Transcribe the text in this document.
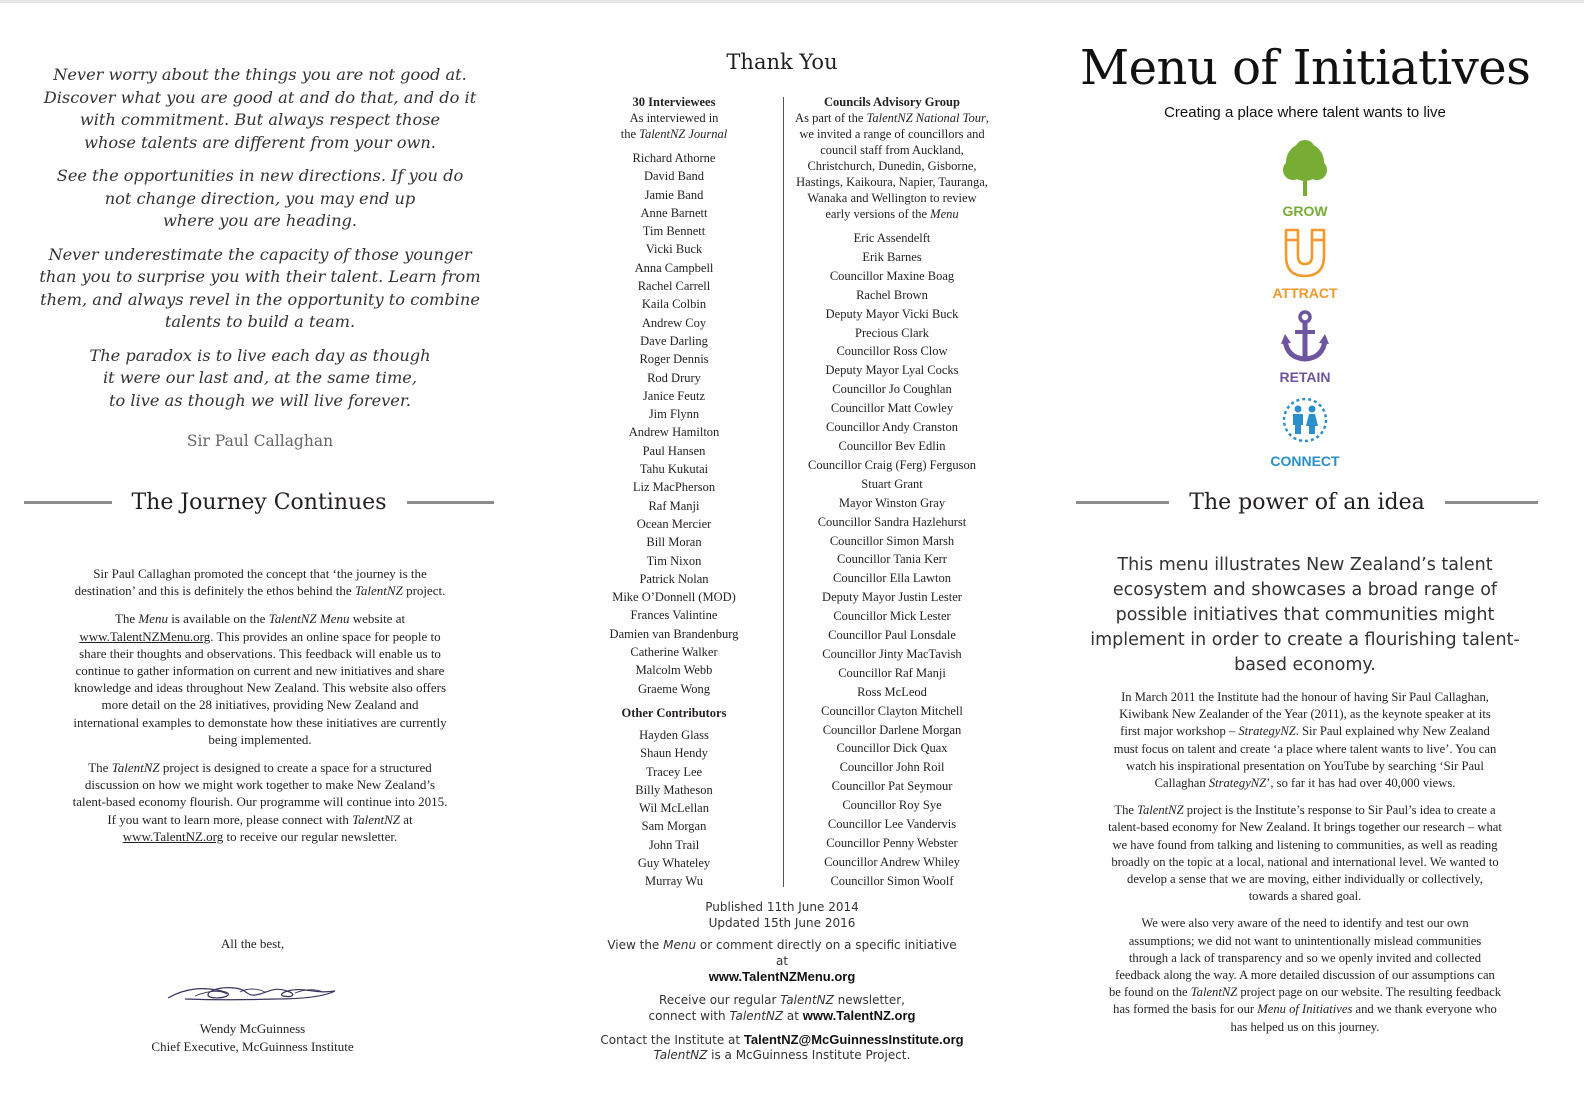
Never worry about the things you are not good at.
Discover what you are good at and do that, and do it
with commitment. But always respect those
whose talents are different from your own.

See the opportunities in new directions. If you do
not change direction, you may end up
where you are heading.

Never underestimate the capacity of those younger
than you to surprise you with their talent. Learn from
them, and always revel in the opportunity to combine
talents to build a team.

The paradox is to live each day as though
it were our last and, at the same time,
to live as though we will live forever.

Sir Paul Callaghan
The Journey Continues

Sir Paul Callaghan promoted the concept that ‘the journey is the destination’ and this is definitely the ethos behind the TalentNZ project.

The Menu is available on the TalentNZ Menu website at www.TalentNZMenu.org. This provides an online space for people to share their thoughts and observations. This feedback will enable us to continue to gather information on current and new initiatives and share knowledge and ideas throughout New Zealand. This website also offers more detail on the 28 initiatives, providing New Zealand and international examples to demonstate how these initiatives are currently being implemented.

The TalentNZ project is designed to create a space for a structured discussion on how we might work together to make New Zealand’s talent-based economy flourish. Our programme will continue into 2015. If you want to learn more, please connect with TalentNZ at www.TalentNZ.org to receive our regular newsletter.

All the best,
Wendy McGuinness
Chief Executive, McGuinness Institute
Thank You
30 Interviewees
As interviewed in
the TalentNZ Journal
Richard Athorne
David Band
Jamie Band
Anne Barnett
Tim Bennett
Vicki Buck
Anna Campbell
Rachel Carrell
Kaila Colbin
Andrew Coy
Dave Darling
Roger Dennis
Rod Drury
Janice Feutz
Jim Flynn
Andrew Hamilton
Paul Hansen
Tahu Kukutai
Liz MacPherson
Raf Manji
Ocean Mercier
Bill Moran
Tim Nixon
Patrick Nolan
Mike O’Donnell (MOD)
Frances Valintine
Damien van Brandenburg
Catherine Walker
Malcolm Webb
Graeme Wong
Other Contributors
Hayden Glass
Shaun Hendy
Tracey Lee
Billy Matheson
Wil McLellan
Sam Morgan
John Trail
Guy Whateley
Murray Wu
Councils Advisory Group
As part of the TalentNZ National Tour, we invited a range of councillors and council staff from Auckland, Christchurch, Dunedin, Gisborne, Hastings, Kaikoura, Napier, Tauranga, Wanaka and Wellington to review early versions of the Menu
Eric Assendelft
Erik Barnes
Councillor Maxine Boag
Rachel Brown
Deputy Mayor Vicki Buck
Precious Clark
Councillor Ross Clow
Deputy Mayor Lyal Cocks
Councillor Jo Coughlan
Councillor Matt Cowley
Councillor Andy Cranston
Councillor Bev Edlin
Councillor Craig (Ferg) Ferguson
Stuart Grant
Mayor Winston Gray
Councillor Sandra Hazlehurst
Councillor Simon Marsh
Councillor Tania Kerr
Councillor Ella Lawton
Deputy Mayor Justin Lester
Councillor Mick Lester
Councillor Paul Lonsdale
Councillor Jinty MacTavish
Councillor Raf Manji
Ross McLeod
Councillor Clayton Mitchell
Councillor Darlene Morgan
Councillor Dick Quax
Councillor John Roil
Councillor Pat Seymour
Councillor Roy Sye
Councillor Lee Vandervis
Councillor Penny Webster
Councillor Andrew Whiley
Councillor Simon Woolf

Published 11th June 2014
Updated 15th June 2016

View the Menu or comment directly on a specific initiative at
www.TalentNZMenu.org

Receive our regular TalentNZ newsletter,
connect with TalentNZ at www.TalentNZ.org

Contact the Institute at TalentNZ@McGuinnessInstitute.org
TalentNZ is a McGuinness Institute Project.

Menu of Initiatives
Creating a place where talent wants to live
GROW
ATTRACT
RETAIN
CONNECT
The power of an idea
This menu illustrates New Zealand’s talent ecosystem and showcases a broad range of possible initiatives that communities might implement in order to create a flourishing talent-based economy.

In March 2011 the Institute had the honour of having Sir Paul Callaghan, Kiwibank New Zealander of the Year (2011), as the keynote speaker at its first major workshop – StrategyNZ. Sir Paul explained why New Zealand must focus on talent and create ‘a place where talent wants to live’. You can watch his inspirational presentation on YouTube by searching ‘Sir Paul Callaghan StrategyNZ’, so far it has had over 40,000 views.

The TalentNZ project is the Institute’s response to Sir Paul’s idea to create a talent-based economy for New Zealand. It brings together our research – what we have found from talking and listening to communities, as well as reading broadly on the topic at a local, national and international level. We wanted to develop a sense that we are moving, either individually or collectively, towards a shared goal.

We were also very aware of the need to identify and test our own assumptions; we did not want to unintentionally mislead communities through a lack of transparency and so we openly invited and collected feedback along the way. A more detailed discussion of our assumptions can be found on the TalentNZ project page on our website. The resulting feedback has formed the basis for our Menu of Initiatives and we thank everyone who has helped us on this journey.
